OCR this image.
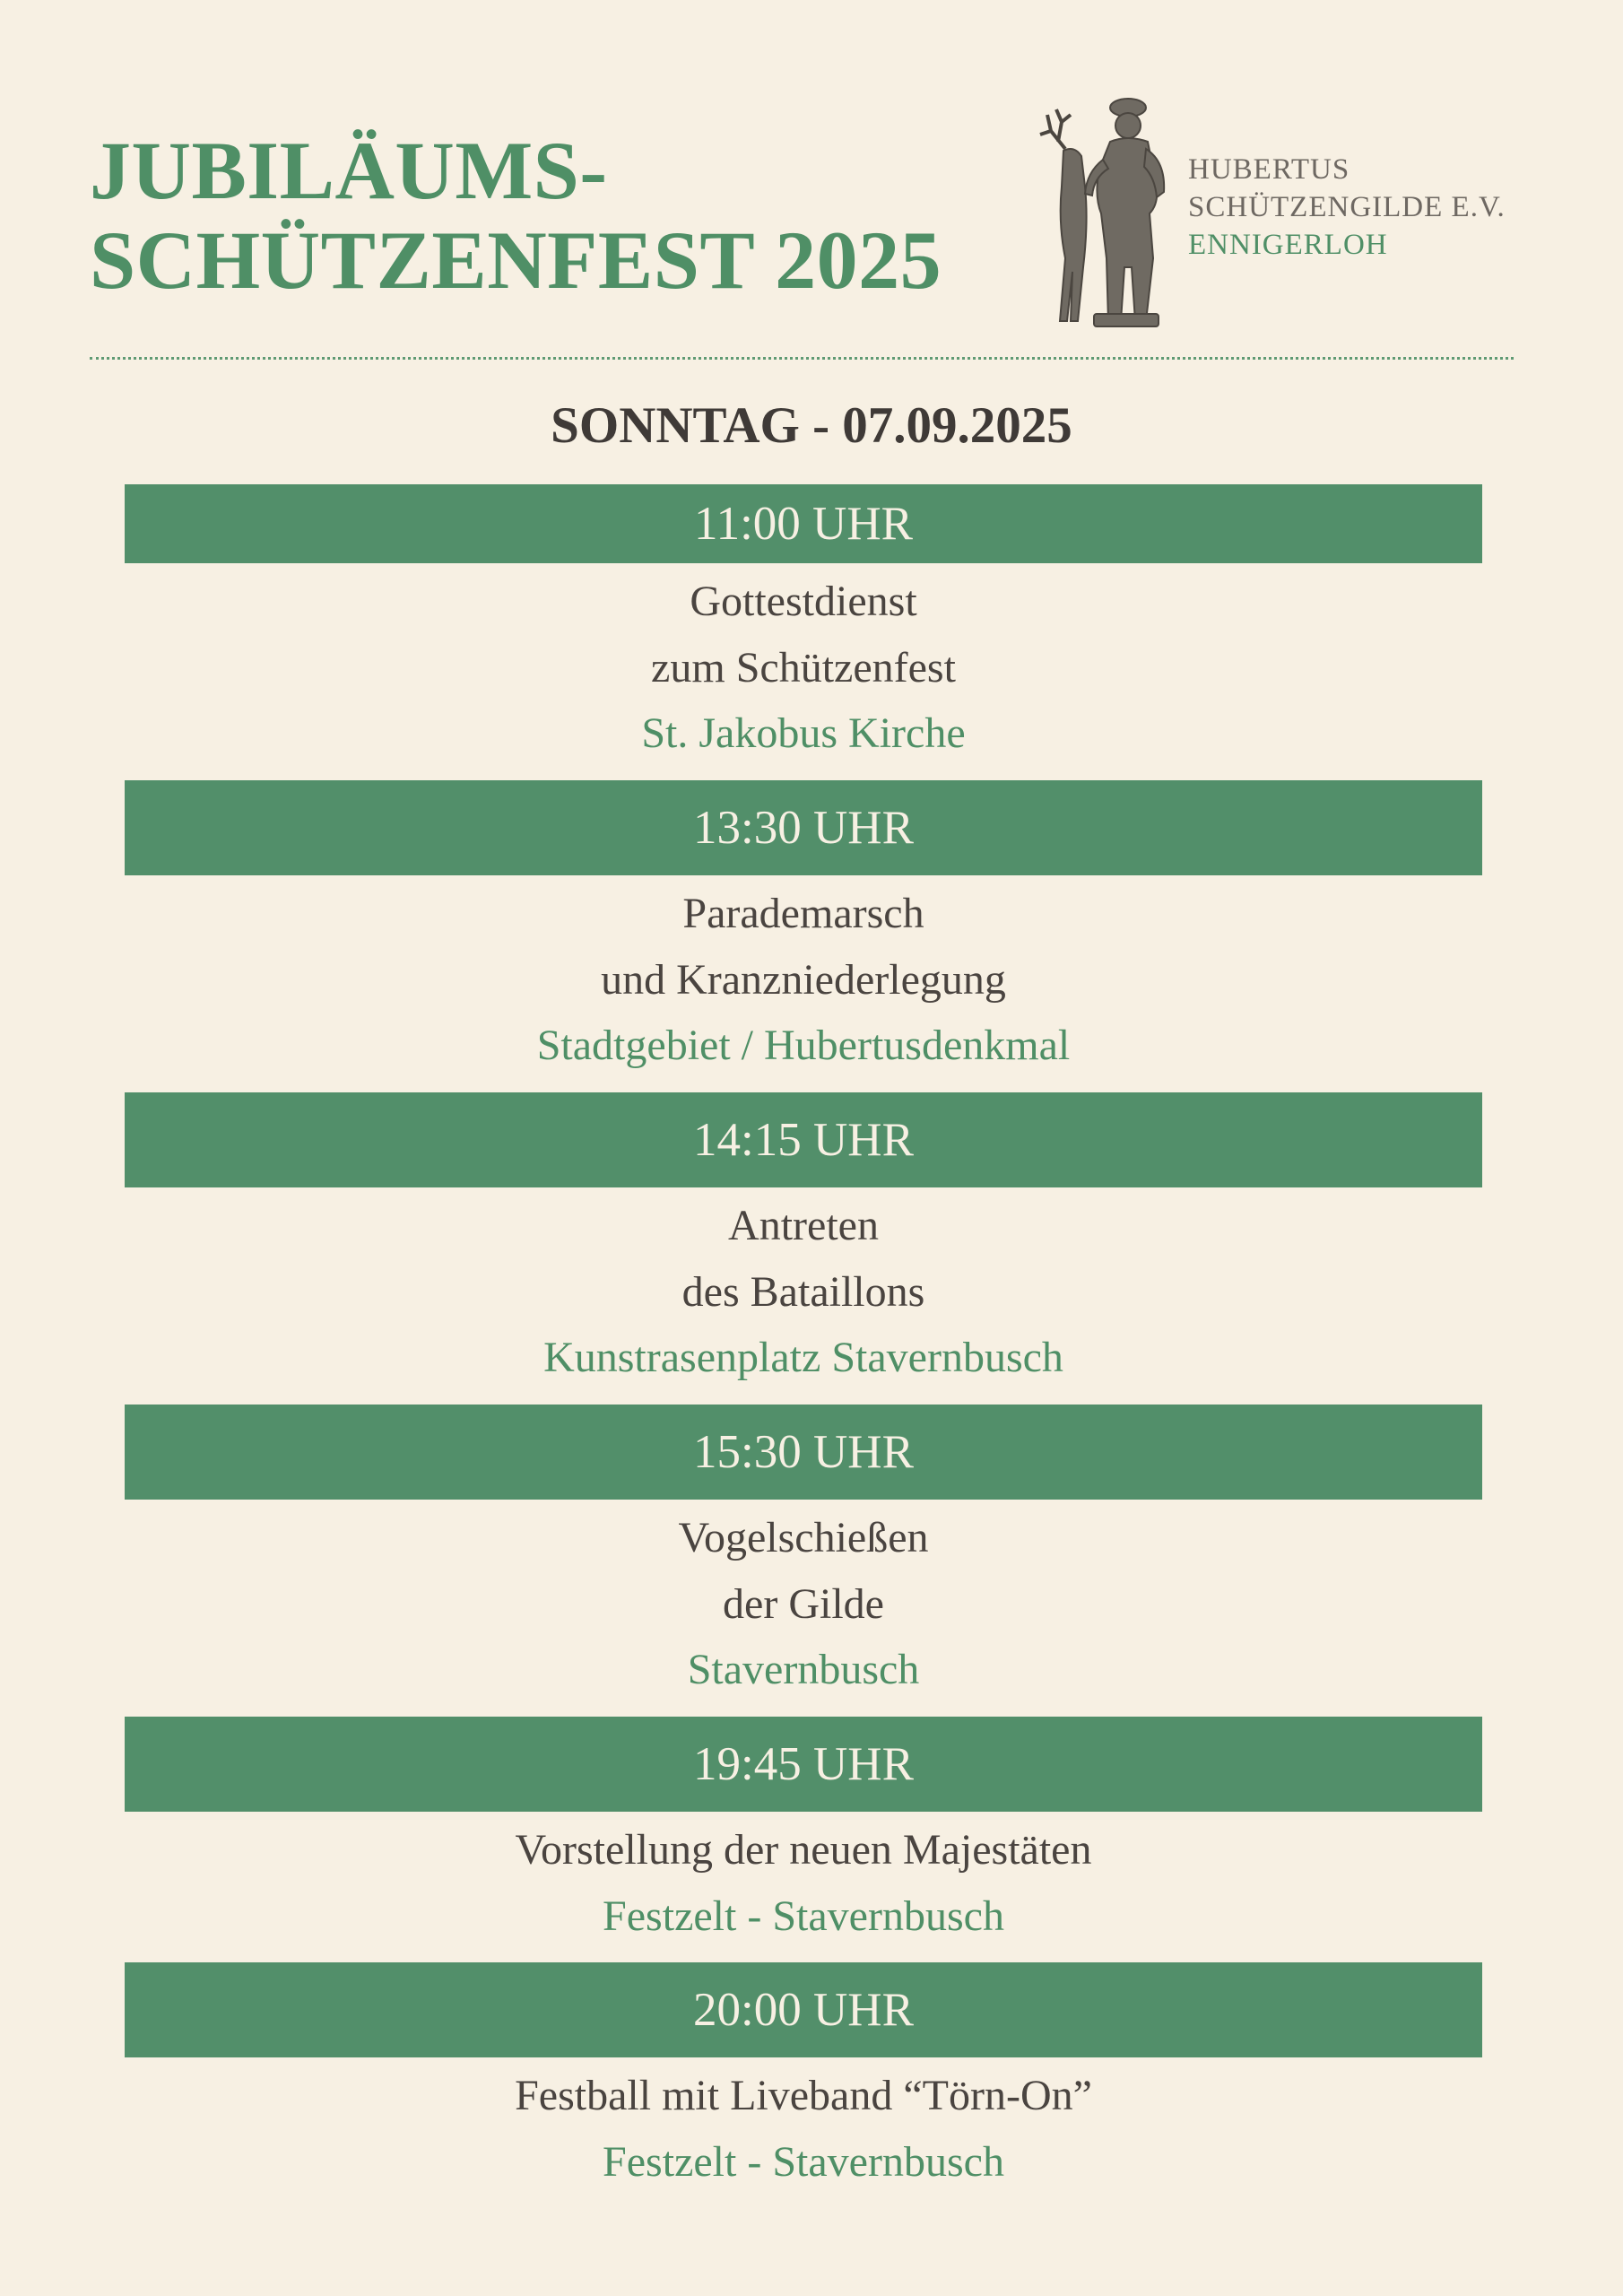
JUBILÄUMS-
SCHÜTZENFEST 2025
HUBERTUS
SCHÜTZENGILDE E.V.
ENNIGERLOH
SONNTAG - 07.09.2025
11:00 UHR
Gottestdienst
zum Schützenfest
St. Jakobus Kirche
13:30 UHR
Parademarsch
und Kranzniederlegung
Stadtgebiet / Hubertusdenkmal
14:15 UHR
Antreten
des Bataillons
Kunstrasenplatz Stavernbusch
15:30 UHR
Vogelschießen
der Gilde
Stavernbusch
19:45 UHR
Vorstellung der neuen Majestäten
Festzelt - Stavernbusch
20:00 UHR
Festball mit Liveband “Törn-On”
Festzelt - Stavernbusch
